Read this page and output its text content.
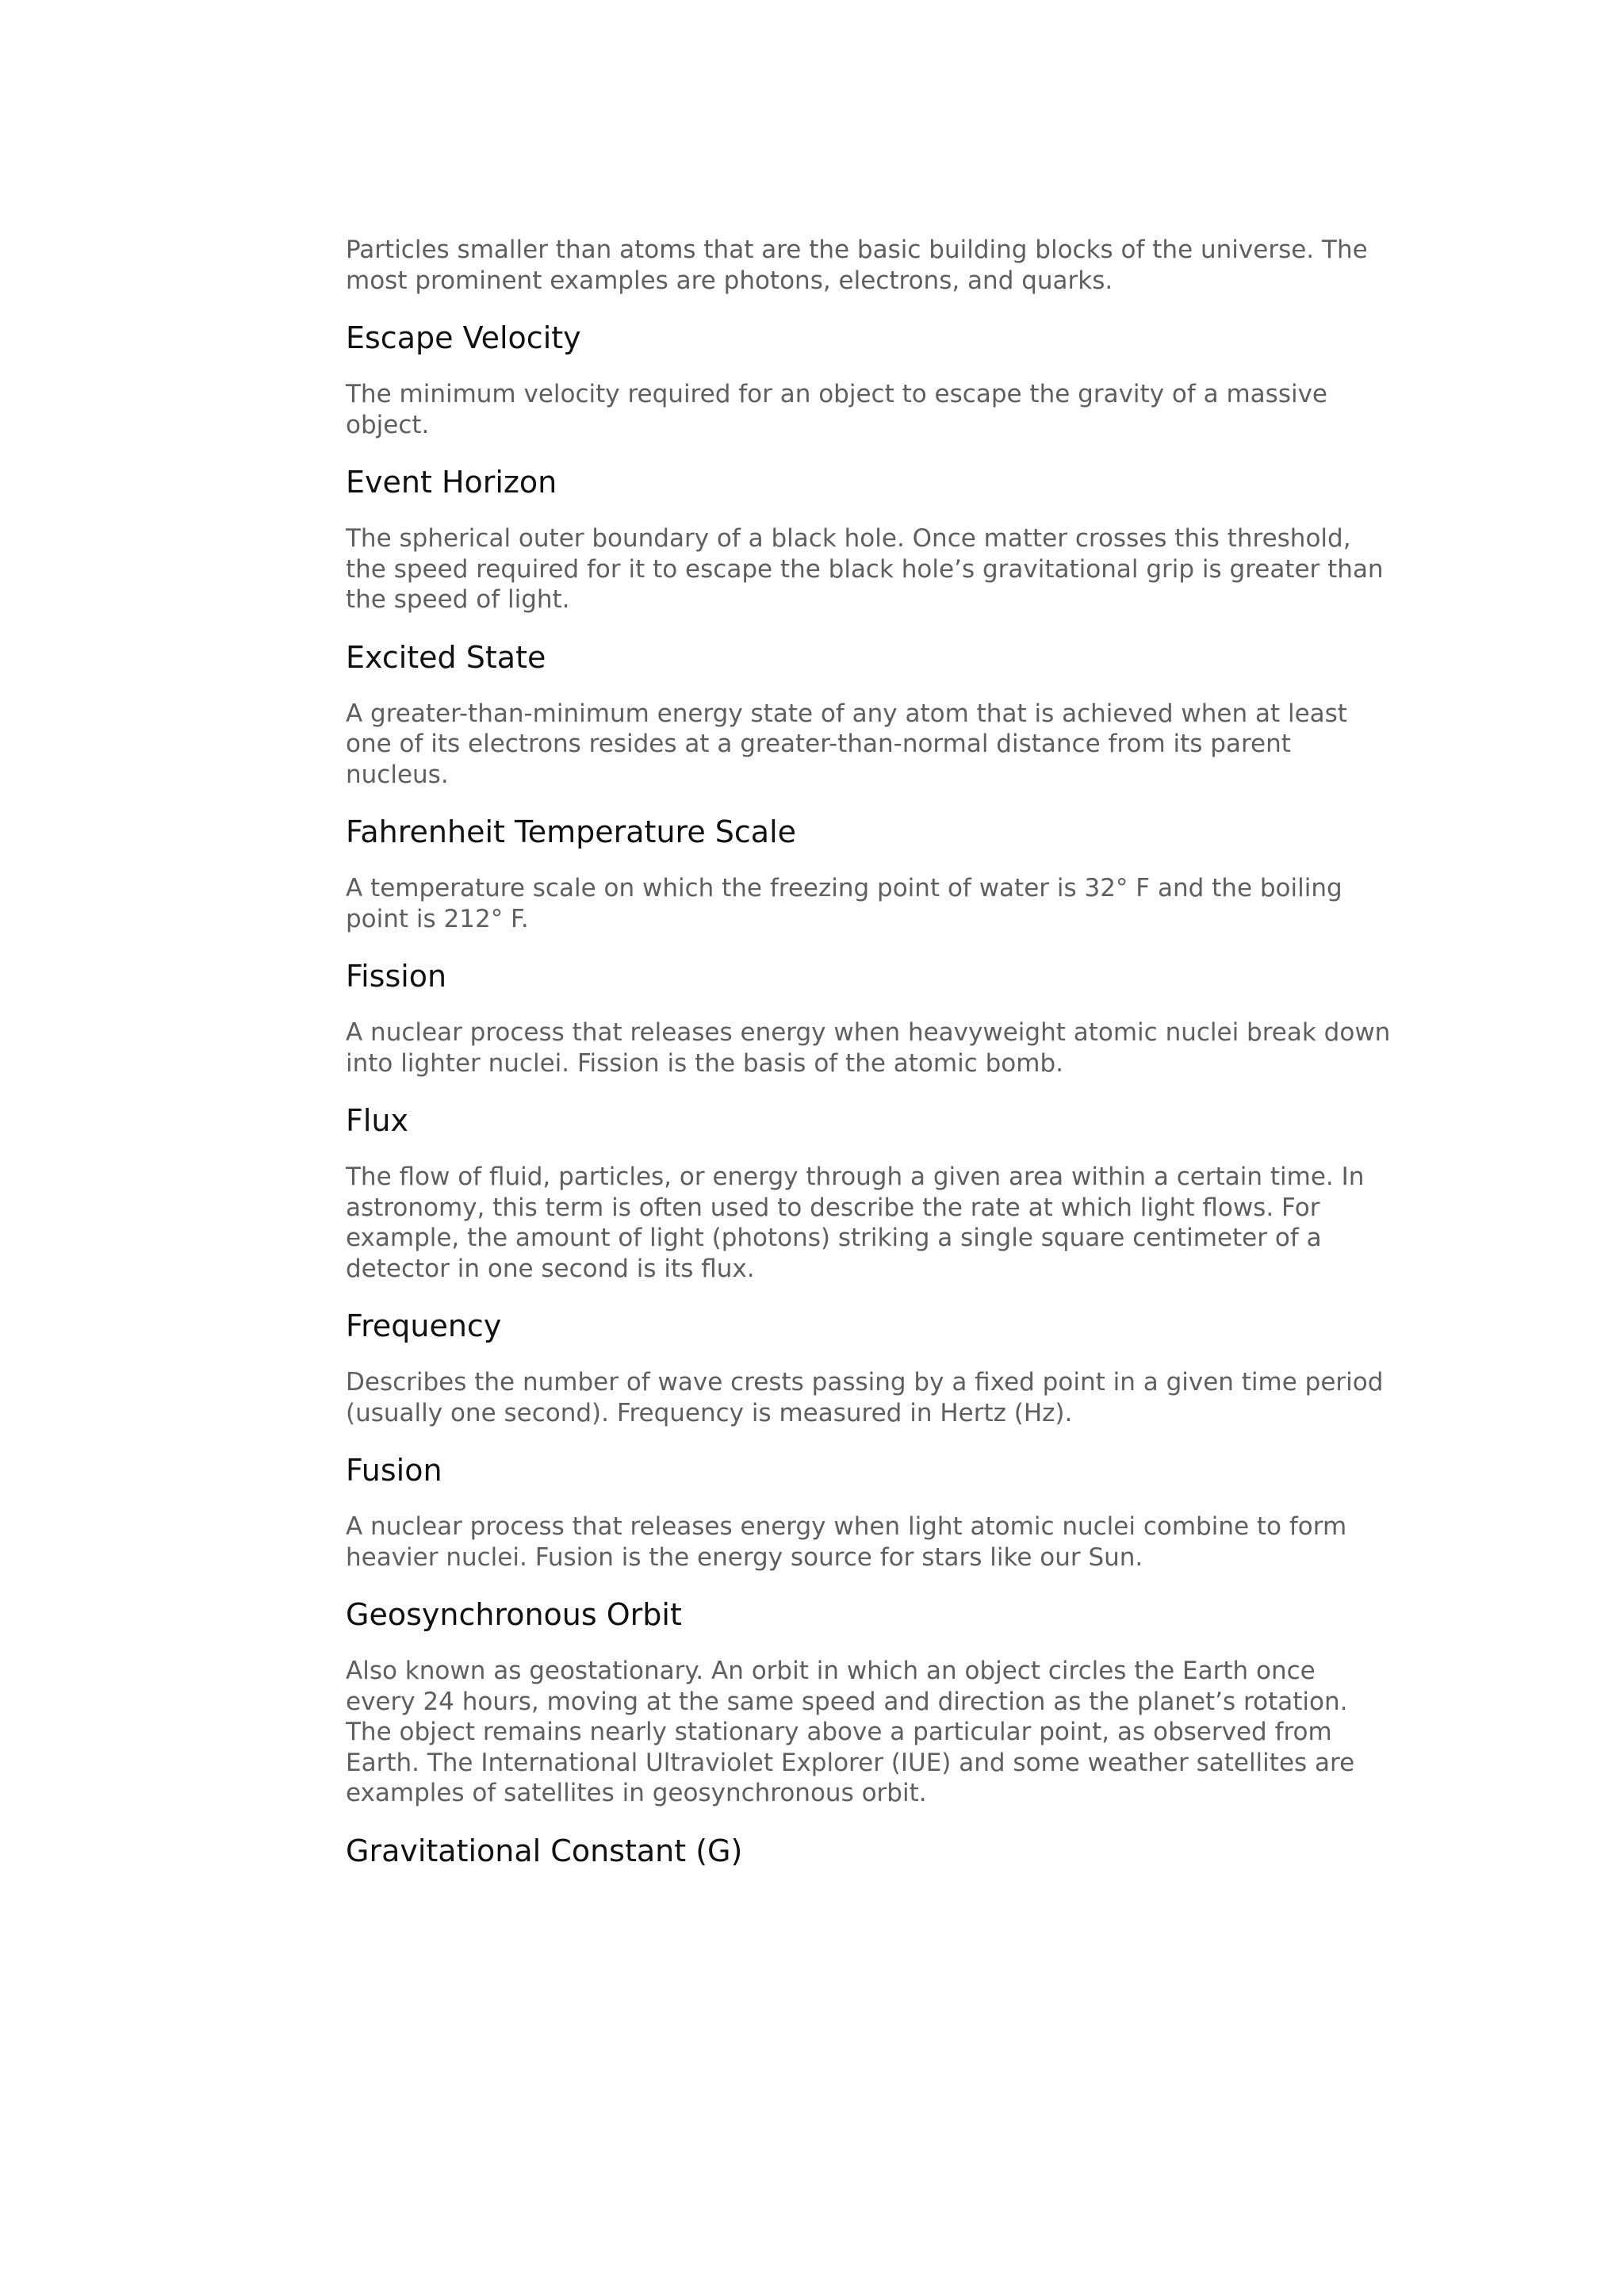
Particles smaller than atoms that are the basic building blocks of the universe. The
most prominent examples are photons, electrons, and quarks.

Escape Velocity

The minimum velocity required for an object to escape the gravity of a massive
object.

Event Horizon

The spherical outer boundary of a black hole. Once matter crosses this threshold,
the speed required for it to escape the black hole’s gravitational grip is greater than
the speed of light.

Excited State

A greater-than-minimum energy state of any atom that is achieved when at least
one of its electrons resides at a greater-than-normal distance from its parent
nucleus.

Fahrenheit Temperature Scale

A temperature scale on which the freezing point of water is 32° F and the boiling
point is 212° F.

Fission

A nuclear process that releases energy when heavyweight atomic nuclei break down
into lighter nuclei. Fission is the basis of the atomic bomb.

Flux

The flow of fluid, particles, or energy through a given area within a certain time. In
astronomy, this term is often used to describe the rate at which light flows. For
example, the amount of light (photons) striking a single square centimeter of a
detector in one second is its flux.

Frequency

Describes the number of wave crests passing by a fixed point in a given time period
(usually one second). Frequency is measured in Hertz (Hz).

Fusion

A nuclear process that releases energy when light atomic nuclei combine to form
heavier nuclei. Fusion is the energy source for stars like our Sun.

Geosynchronous Orbit

Also known as geostationary. An orbit in which an object circles the Earth once
every 24 hours, moving at the same speed and direction as the planet’s rotation.
The object remains nearly stationary above a particular point, as observed from
Earth. The International Ultraviolet Explorer (IUE) and some weather satellites are
examples of satellites in geosynchronous orbit.

Gravitational Constant (G)
